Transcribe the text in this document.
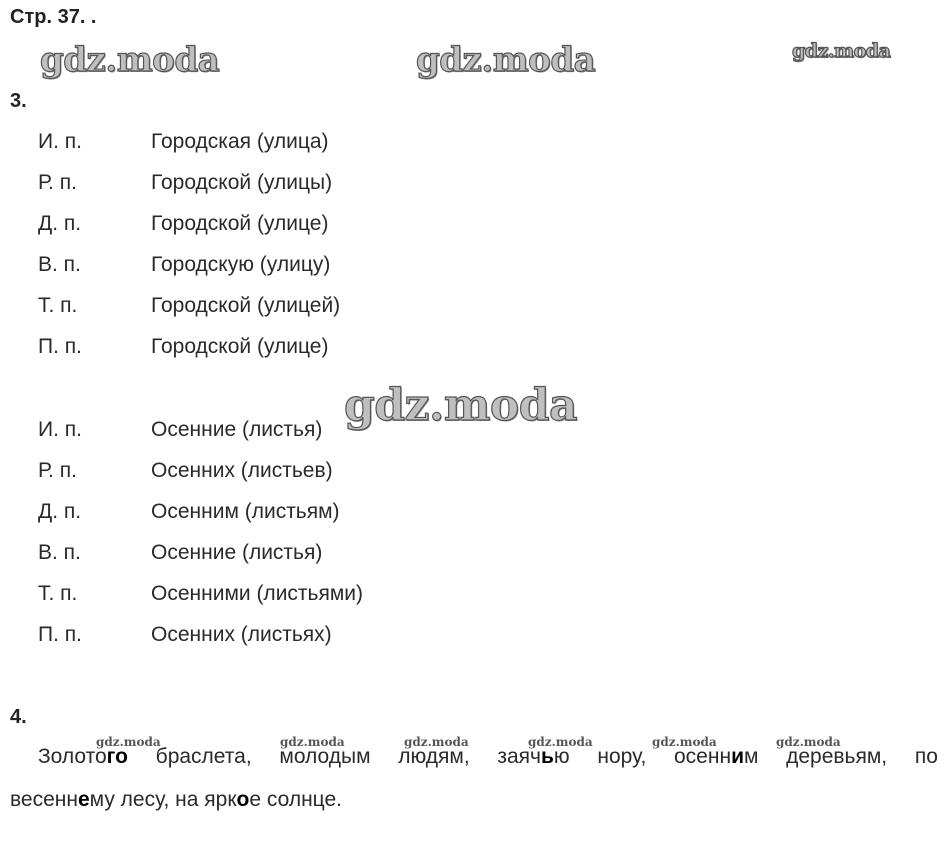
Стр. 37. .
gdz.moda	gdz.moda	gdz.moda
gdz.moda
3.
И. п.	Городская (улица)
Р. п.	Городской (улицы)
Д. п.	Городской (улице)
В. п.	Городскую (улицу)
Т. п.	Городской (улицей)
П. п.	Городской (улице)
И. п.	Осенние (листья)
Р. п.	Осенних (листьев)
Д. п.	Осенним (листьям)
В. п.	Осенние (листья)
Т. п.	Осенними (листьями)
П. п.	Осенних (листьях)
4.
gdz.moda	gdz.moda	gdz.moda	gdz.moda	gdz.moda	gdz.moda
Золотого браслета, молодым людям, заячью нору, осенним деревьям, по
весеннему лесу, на яркое солнце.
